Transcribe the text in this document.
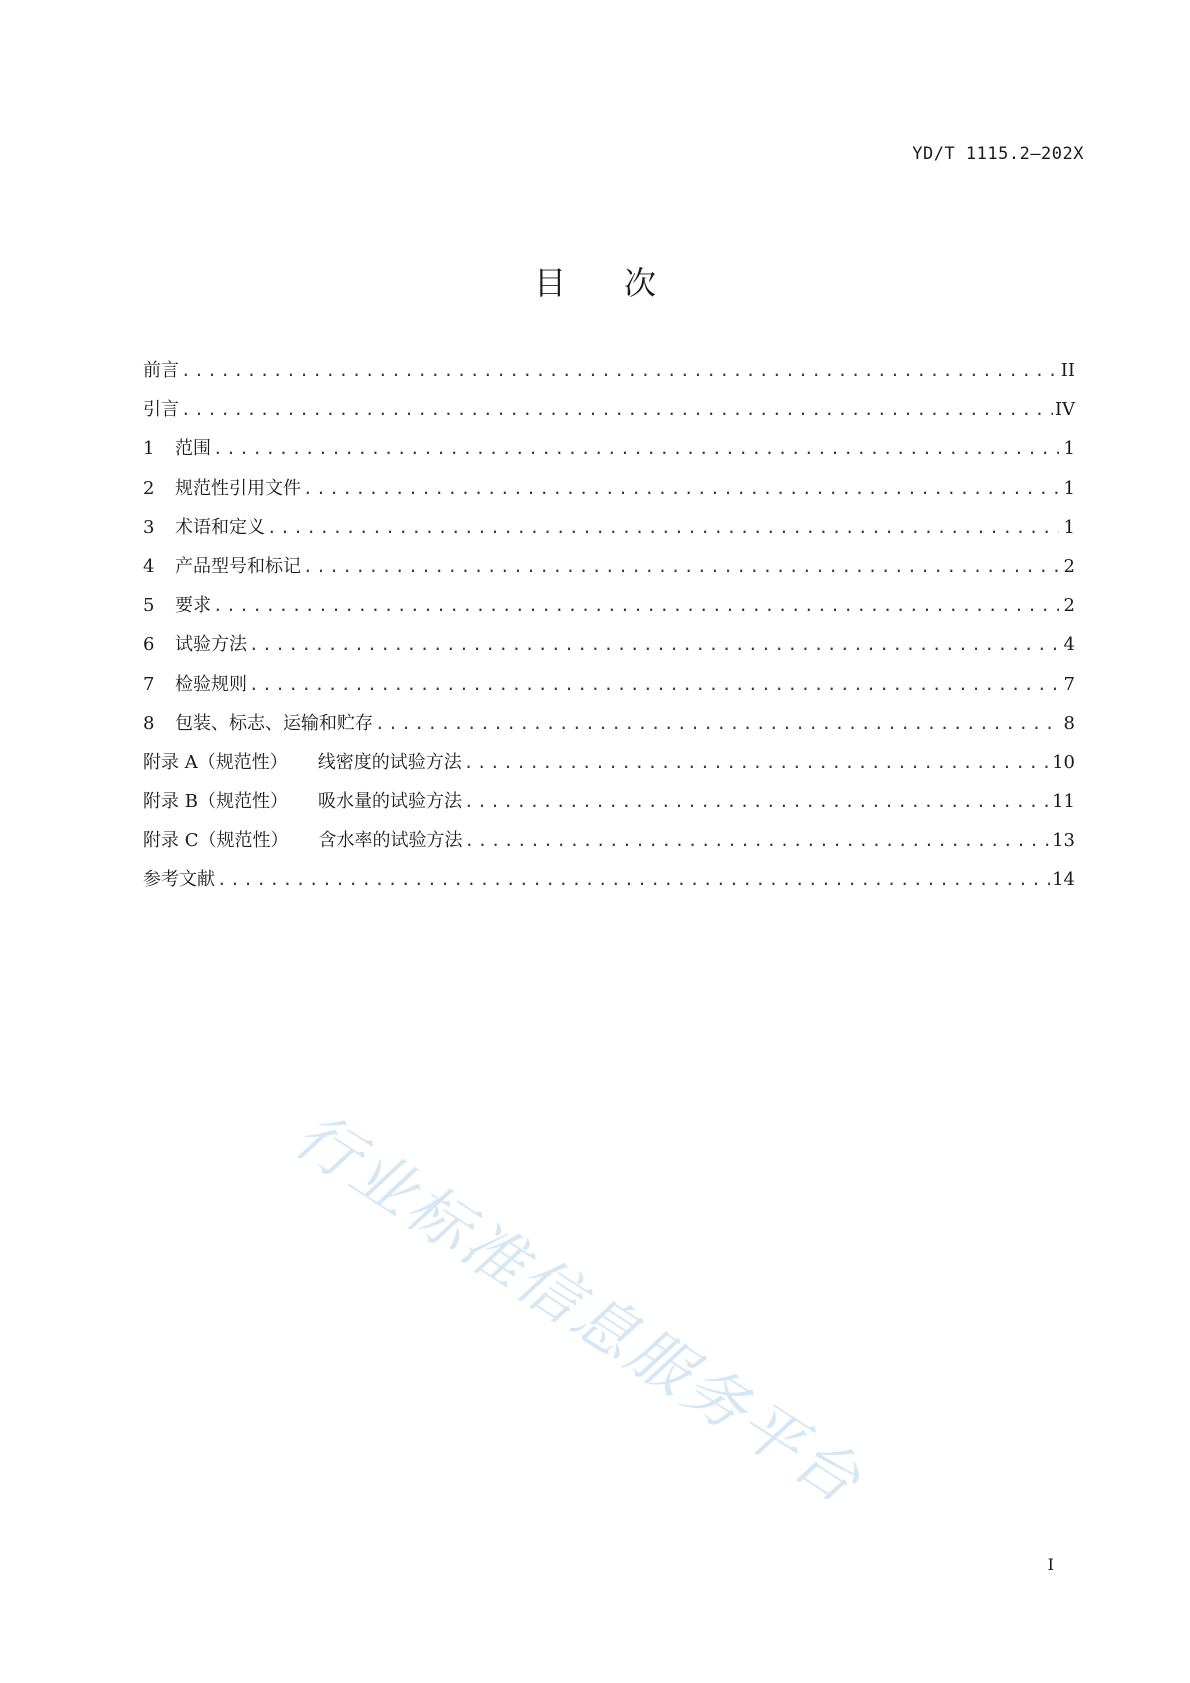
YD/T 1115.2—202X
目 次
前言 .....	II
引言 .....	IV
1 范围 .....	1
2 规范性引用文件 .....	1
3 术语和定义 .....	1
4 产品型号和标记 .....	2
5 要求 .....	2
6 试验方法 .....	4
7 检验规则 .....	7
8 包装、标志、运输和贮存 .....	8
附录 A（规范性） 线密度的试验方法 .....	10
附录 B（规范性） 吸水量的试验方法 .....	11
附录 C（规范性） 含水率的试验方法 .....	13
参考文献 .....	14
行业标准信息服务平台
I
